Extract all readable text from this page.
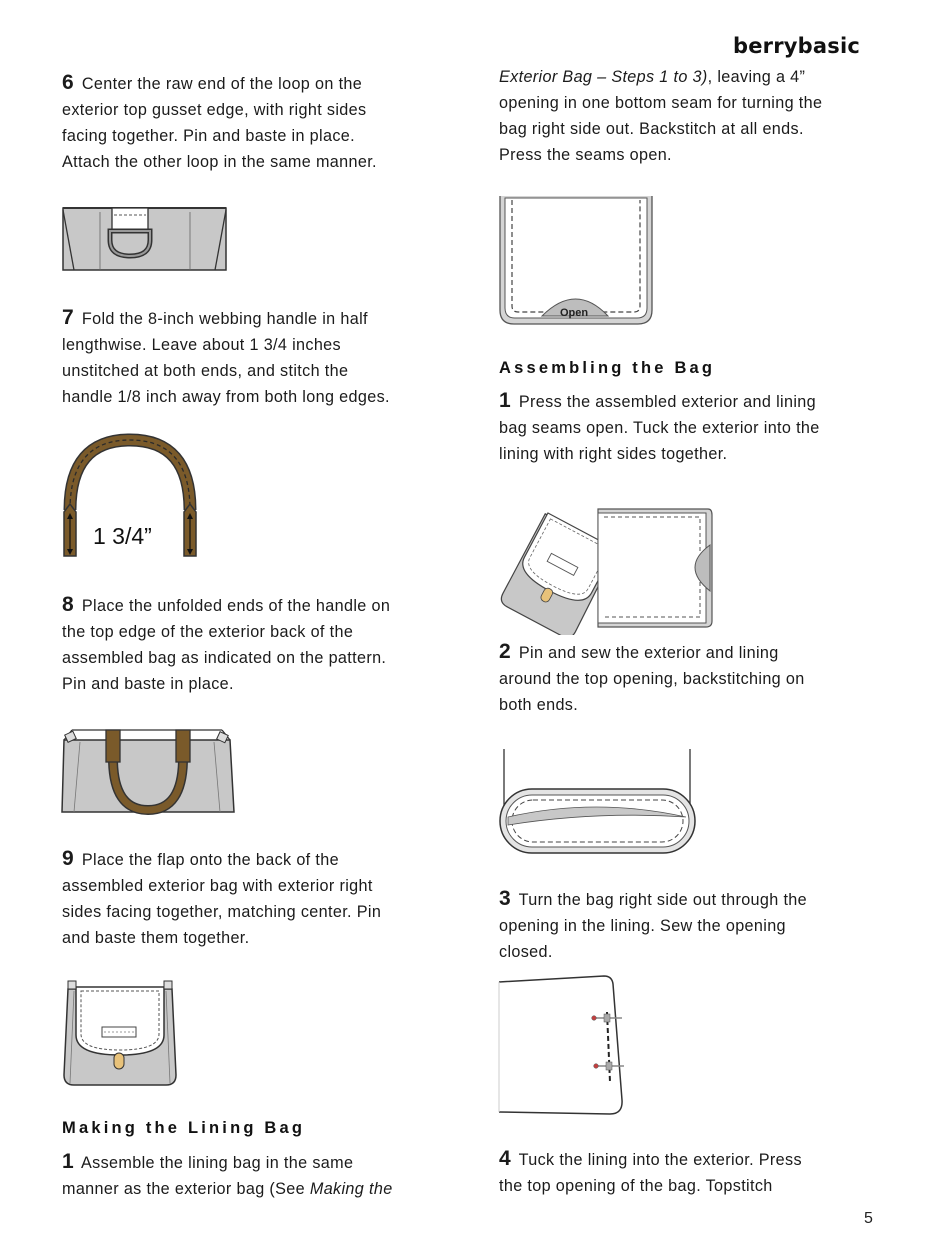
berrybasic

6 Center the raw end of the loop on the

exterior top gusset edge, with right sides

facing together. Pin and baste in place.

Attach the other loop in the same manner.

7 Fold the 8-inch webbing handle in half

lengthwise. Leave about 1 3/4 inches

unstitched at both ends, and stitch the

handle 1/8 inch away from both long edges.

1 3/4”

8 Place the unfolded ends of the handle on

the top edge of the exterior back of the

assembled bag as indicated on the pattern.

Pin and baste in place.

9 Place the flap onto the back of the

assembled exterior bag with exterior right

sides facing together, matching center. Pin

and baste them together.

Making the Lining Bag

1 Assemble the lining bag in the same

manner as the exterior bag (See Making the

Exterior Bag – Steps 1 to 3), leaving a 4”

opening in one bottom seam for turning the

bag right side out. Backstitch at all ends.

Press the seams open.

Open
Assembling the Bag

1 Press the assembled exterior and lining

bag seams open. Tuck the exterior into the

lining with right sides together.

2 Pin and sew the exterior and lining

around the top opening, backstitching on

both ends.

3 Turn the bag right side out through the

opening in the lining. Sew the opening

closed.

4 Tuck the lining into the exterior. Press

the top opening of the bag. Topstitch

5
